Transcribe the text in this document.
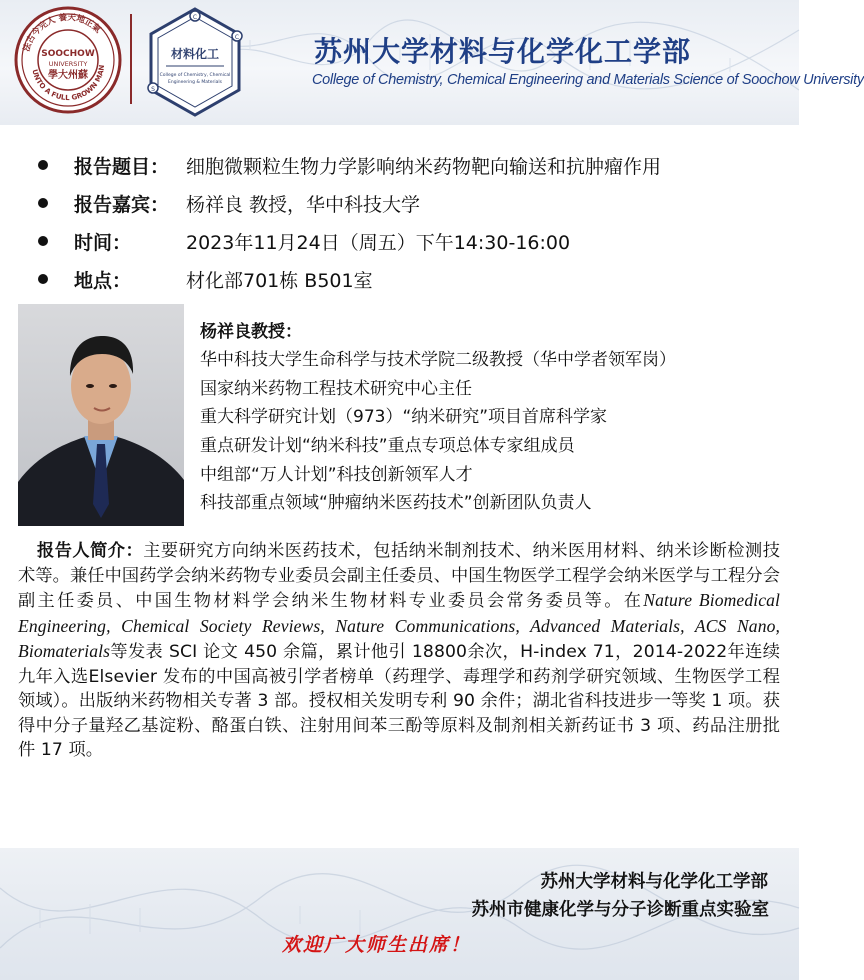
法古今完人 養天地正氣
UNTO A FULL GROWN MAN
SOOCHOW
UNIVERSITY
學大州蘇
C
C
S
材料化工
College of Chemistry, Chemical
Engineering & Materials
苏州大学材料与化学化工学部
College of Chemistry, Chemical Engineering and Materials Science of Soochow University
报告题目： 细胞微颗粒生物力学影响纳米药物靶向输送和抗肿瘤作用
报告嘉宾： 杨祥良 教授，华中科技大学
时间：	2023年11月24日（周五）下午14:30-16:00
地点：	材化部701栋 B501室
杨祥良教授：
华中科技大学生命科学与技术学院二级教授（华中学者领军岗）
国家纳米药物工程技术研究中心主任
重大科学研究计划（973）“纳米研究”项目首席科学家
重点研发计划“纳米科技”重点专项总体专家组成员
中组部“万人计划”科技创新领军人才
科技部重点领域“肿瘤纳米医药技术”创新团队负责人
报告人简介：主要研究方向纳米医药技术，包括纳米制剂技术、纳米医用材料、纳米诊断检测技术等。兼任中国药学会纳米药物专业委员会副主任委员、中国生物医学工程学会纳米医学与工程分会副主任委员、中国生物材料学会纳米生物材料专业委员会常务委员等。在Nature Biomedical Engineering, Chemical Society Reviews, Nature Communications, Advanced Materials, ACS Nano, Biomaterials等发表 SCI 论文 450 余篇，累计他引 18800余次，H-index 71，2014-2022年连续九年入选Elsevier 发布的中国高被引学者榜单（药理学、毒理学和药剂学研究领域、生物医学工程领域）。出版纳米药物相关专著 3 部。授权相关发明专利 90 余件；湖北省科技进步一等奖 1 项。获得中分子量羟乙基淀粉、酪蛋白铁、注射用间苯三酚等原料及制剂相关新药证书 3 项、药品注册批件 17 项。
苏州大学材料与化学化工学部
苏州市健康化学与分子诊断重点实验室
欢迎广大师生出席！
